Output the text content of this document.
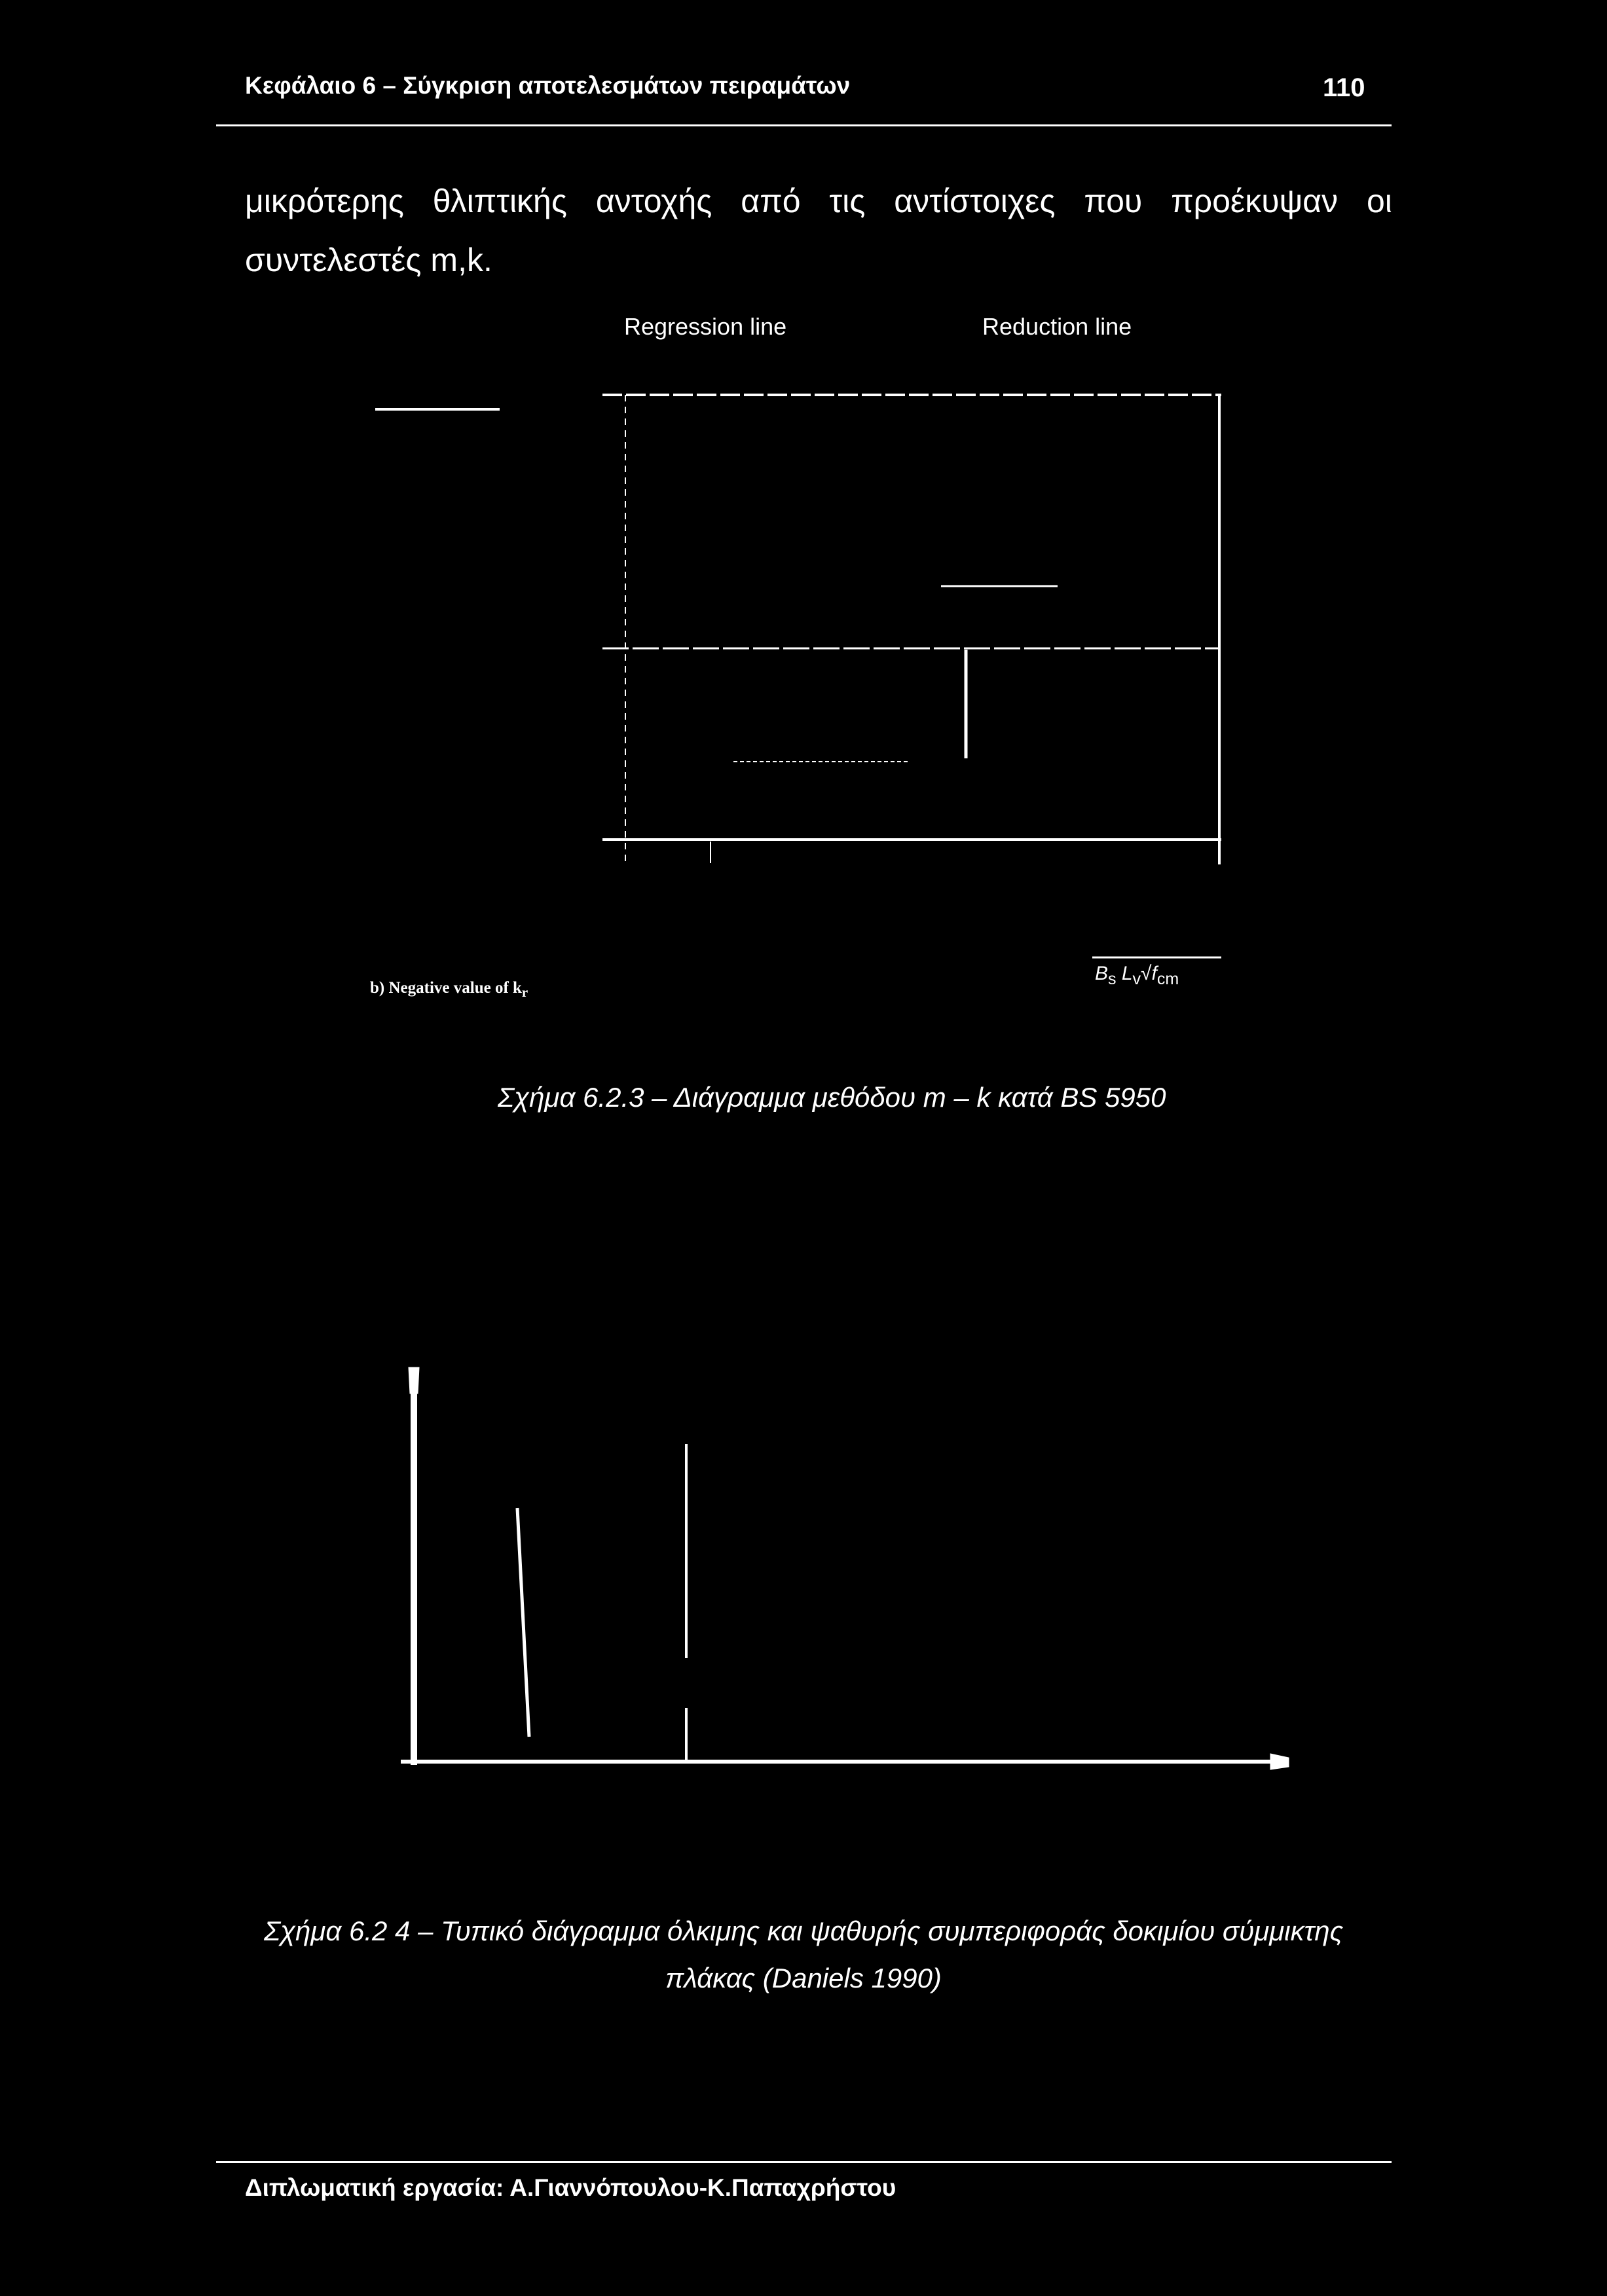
Κεφάλαιο 6 – Σύγκριση αποτελεσμάτων πειραμάτων	110
μικρότερης θλιπτικής αντοχής από τις αντίστοιχες που προέκυψαν οι
συντελεστές m,k.
Regression line	Reduction line
b) Negative value of $k_r$
$B_s$ $L_v√f_{cm}$
Σχήμα 6.2.3 – Διάγραμμα μεθόδου m – k κατά BS 5950
Σχήμα 6.2 4 – Τυπικό διάγραμμα όλκιμης και ψαθυρής συμπεριφοράς δοκιμίου σύμμικτης
πλάκας (Daniels 1990)
Διπλωματική εργασία: Α.Γιαννόπουλου-Κ.Παπαχρήστου
